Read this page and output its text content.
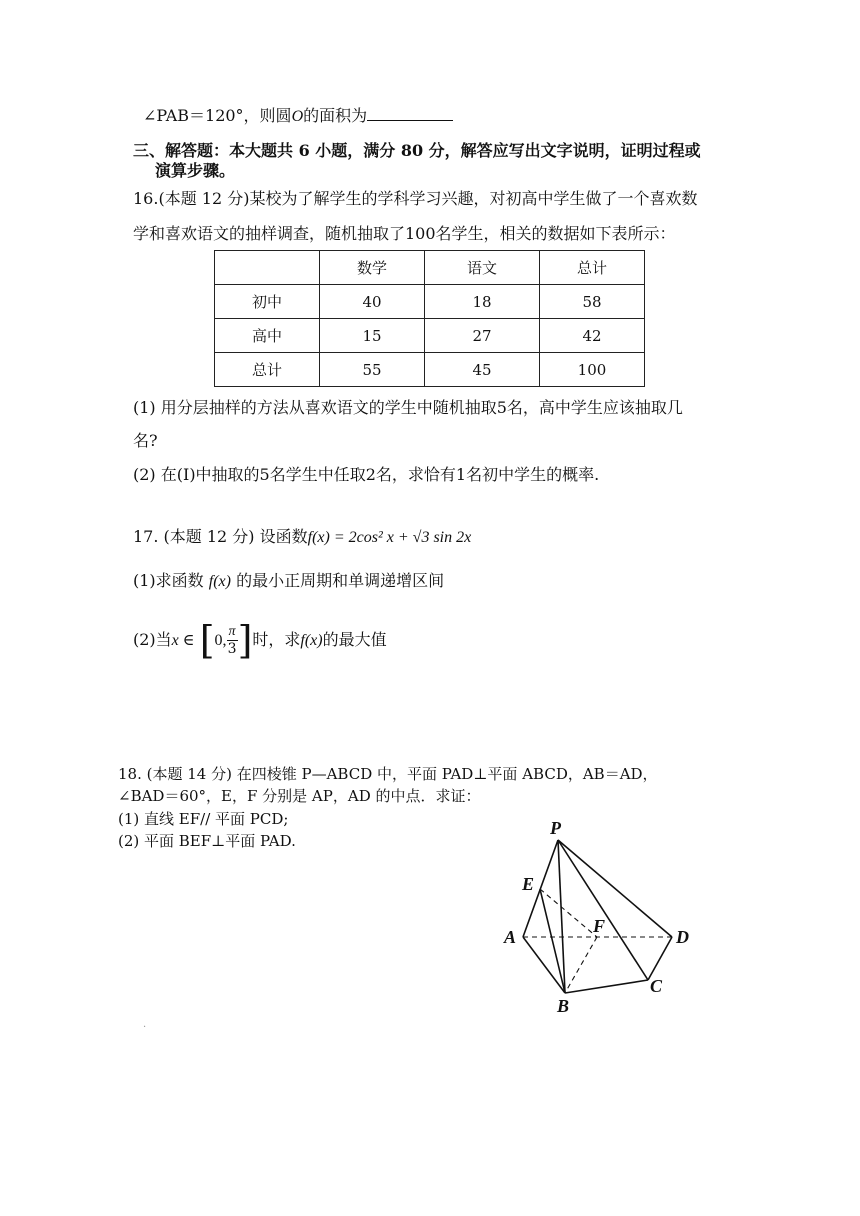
∠PAB＝120°，则圆O的面积为
三、解答题：本大题共 6 小题，满分 80 分，解答应写出文字说明，证明过程或
演算步骤。
16.(本题 12 分)某校为了解学生的学科学习兴趣，对初高中学生做了一个喜欢数
学和喜欢语文的抽样调查，随机抽取了100名学生，相关的数据如下表所示：
	数学	语文	总计
初中	40	18	58
高中	15	27	42
总计	55	45	100
(1) 用分层抽样的方法从喜欢语文的学生中随机抽取5名，高中学生应该抽取几
名?
(2) 在(Ⅰ)中抽取的5名学生中任取2名，求恰有1名初中学生的概率.
17. (本题 12 分) 设函数f(x) = 2cos² x + √3 sin 2x
(1)求函数 f(x) 的最小正周期和单调递增区间
(2)当x ∈ [0, $\frac{\pi}{3}$ ]时，求f(x)的最大值
18. (本题 14 分) 在四棱锥 P—ABCD 中，平面 PAD⊥平面 ABCD，AB＝AD，
∠BAD＝60°，E，F 分别是 AP，AD 的中点．求证：
(1) 直线 EF// 平面 PCD;
(2) 平面 BEF⊥平面 PAD.
P
E
F
A	D
C
B
·
